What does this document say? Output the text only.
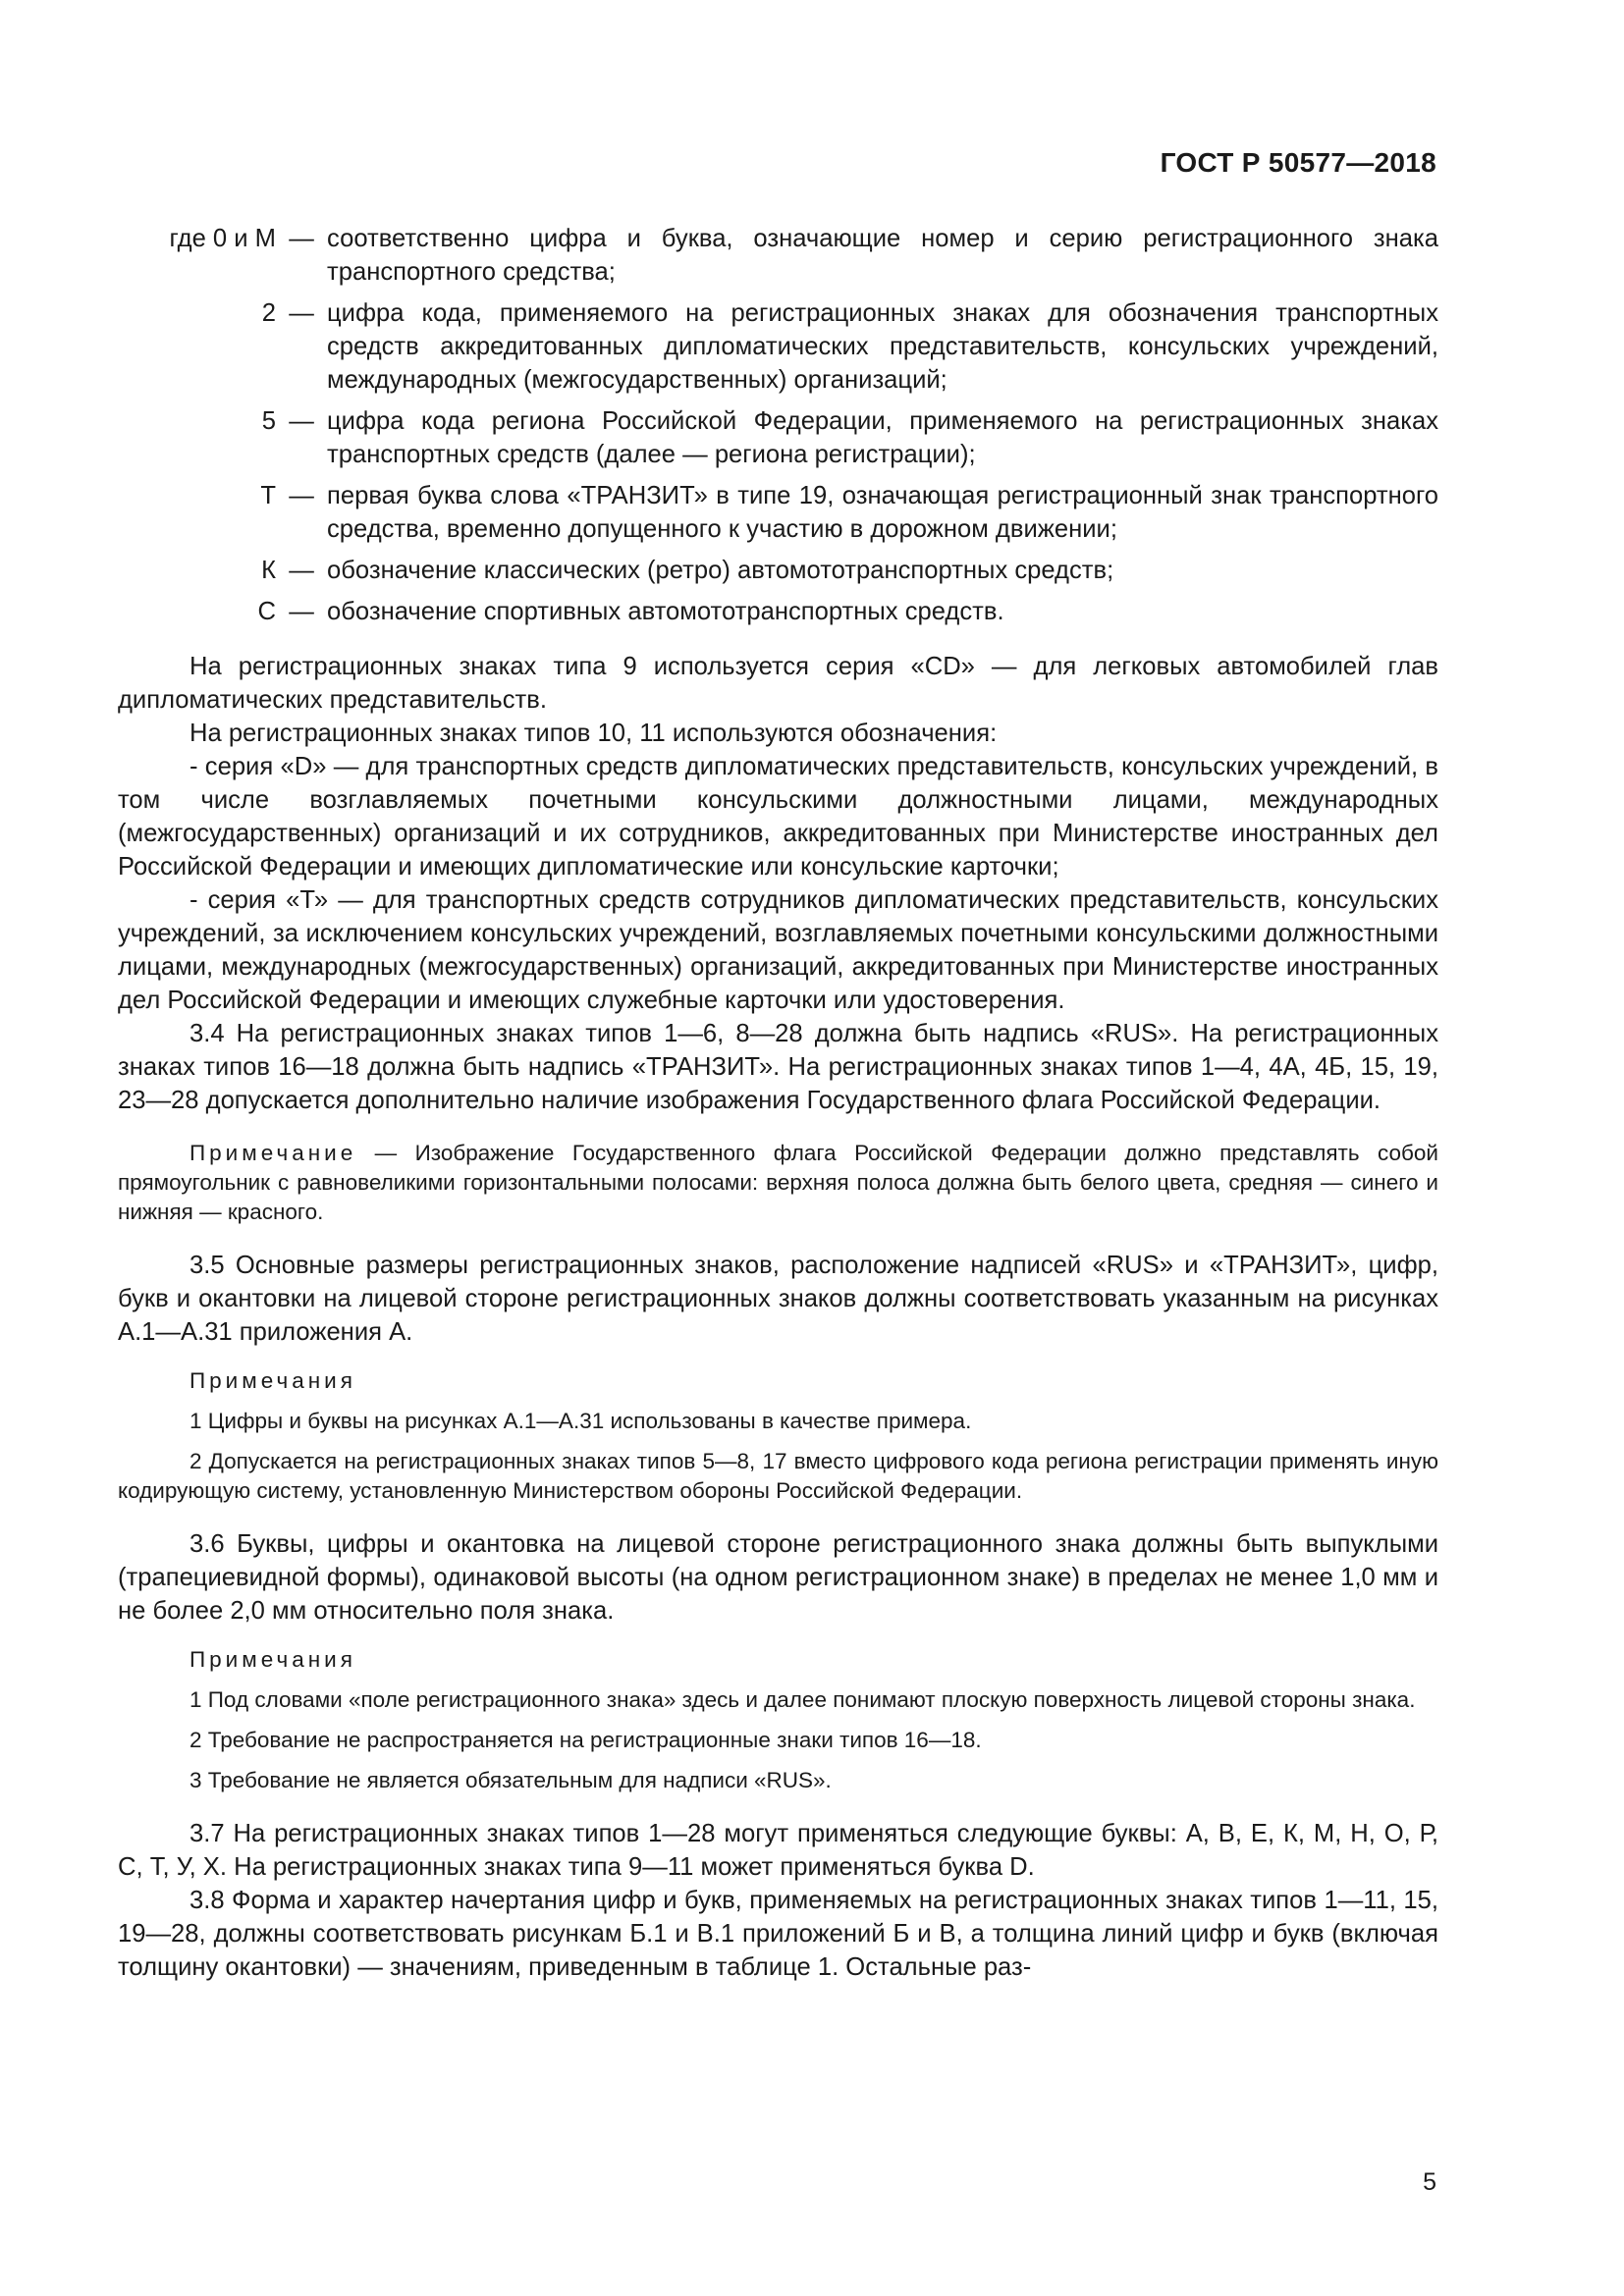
ГОСТ Р 50577—2018
где 0 и М — соответственно цифра и буква, означающие номер и серию регистрационного знака транспортного средства;
2 — цифра кода, применяемого на регистрационных знаках для обозначения транспортных средств аккредитованных дипломатических представительств, консульских учреждений, международных (межгосударственных) организаций;
5 — цифра кода региона Российской Федерации, применяемого на регистрационных знаках транспортных средств (далее — региона регистрации);
Т — первая буква слова «ТРАНЗИТ» в типе 19, означающая регистрационный знак транспортного средства, временно допущенного к участию в дорожном движении;
К — обозначение классических (ретро) автомототранспортных средств;
С — обозначение спортивных автомототранспортных средств.

На регистрационных знаках типа 9 используется серия «CD» — для легковых автомобилей глав дипломатических представительств.

На регистрационных знаках типов 10, 11 используются обозначения:

- серия «D» — для транспортных средств дипломатических представительств, консульских учреждений, в том числе возглавляемых почетными консульскими должностными лицами, международных (межгосударственных) организаций и их сотрудников, аккредитованных при Министерстве иностранных дел Российской Федерации и имеющих дипломатические или консульские карточки;

- серия «Т» — для транспортных средств сотрудников дипломатических представительств, консульских учреждений, за исключением консульских учреждений, возглавляемых почетными консульскими должностными лицами, международных (межгосударственных) организаций, аккредитованных при Министерстве иностранных дел Российской Федерации и имеющих служебные карточки или удостоверения.

3.4 На регистрационных знаках типов 1—6, 8—28 должна быть надпись «RUS». На регистрационных знаках типов 16—18 должна быть надпись «ТРАНЗИТ». На регистрационных знаках типов 1—4, 4А, 4Б, 15, 19, 23—28 допускается дополнительно наличие изображения Государственного флага Российской Федерации.

Примечание — Изображение Государственного флага Российской Федерации должно представлять собой прямоугольник с равновеликими горизонтальными полосами: верхняя полоса должна быть белого цвета, средняя — синего и нижняя — красного.

3.5 Основные размеры регистрационных знаков, расположение надписей «RUS» и «ТРАНЗИТ», цифр, букв и окантовки на лицевой стороне регистрационных знаков должны соответствовать указанным на рисунках А.1—А.31 приложения А.

Примечания

1 Цифры и буквы на рисунках А.1—А.31 использованы в качестве примера.

2 Допускается на регистрационных знаках типов 5—8, 17 вместо цифрового кода региона регистрации применять иную кодирующую систему, установленную Министерством обороны Российской Федерации.

3.6 Буквы, цифры и окантовка на лицевой стороне регистрационного знака должны быть выпуклыми (трапециевидной формы), одинаковой высоты (на одном регистрационном знаке) в пределах не менее 1,0 мм и не более 2,0 мм относительно поля знака.

Примечания

1 Под словами «поле регистрационного знака» здесь и далее понимают плоскую поверхность лицевой стороны знака.

2 Требование не распространяется на регистрационные знаки типов 16—18.

3 Требование не является обязательным для надписи «RUS».

3.7 На регистрационных знаках типов 1—28 могут применяться следующие буквы: А, В, Е, К, М, Н, О, Р, С, Т, У, Х. На регистрационных знаках типа 9—11 может применяться буква D.

3.8 Форма и характер начертания цифр и букв, применяемых на регистрационных знаках типов 1—11, 15, 19—28, должны соответствовать рисункам Б.1 и В.1 приложений Б и В, а толщина линий цифр и букв (включая толщину окантовки) — значениям, приведенным в таблице 1. Остальные раз-

5
